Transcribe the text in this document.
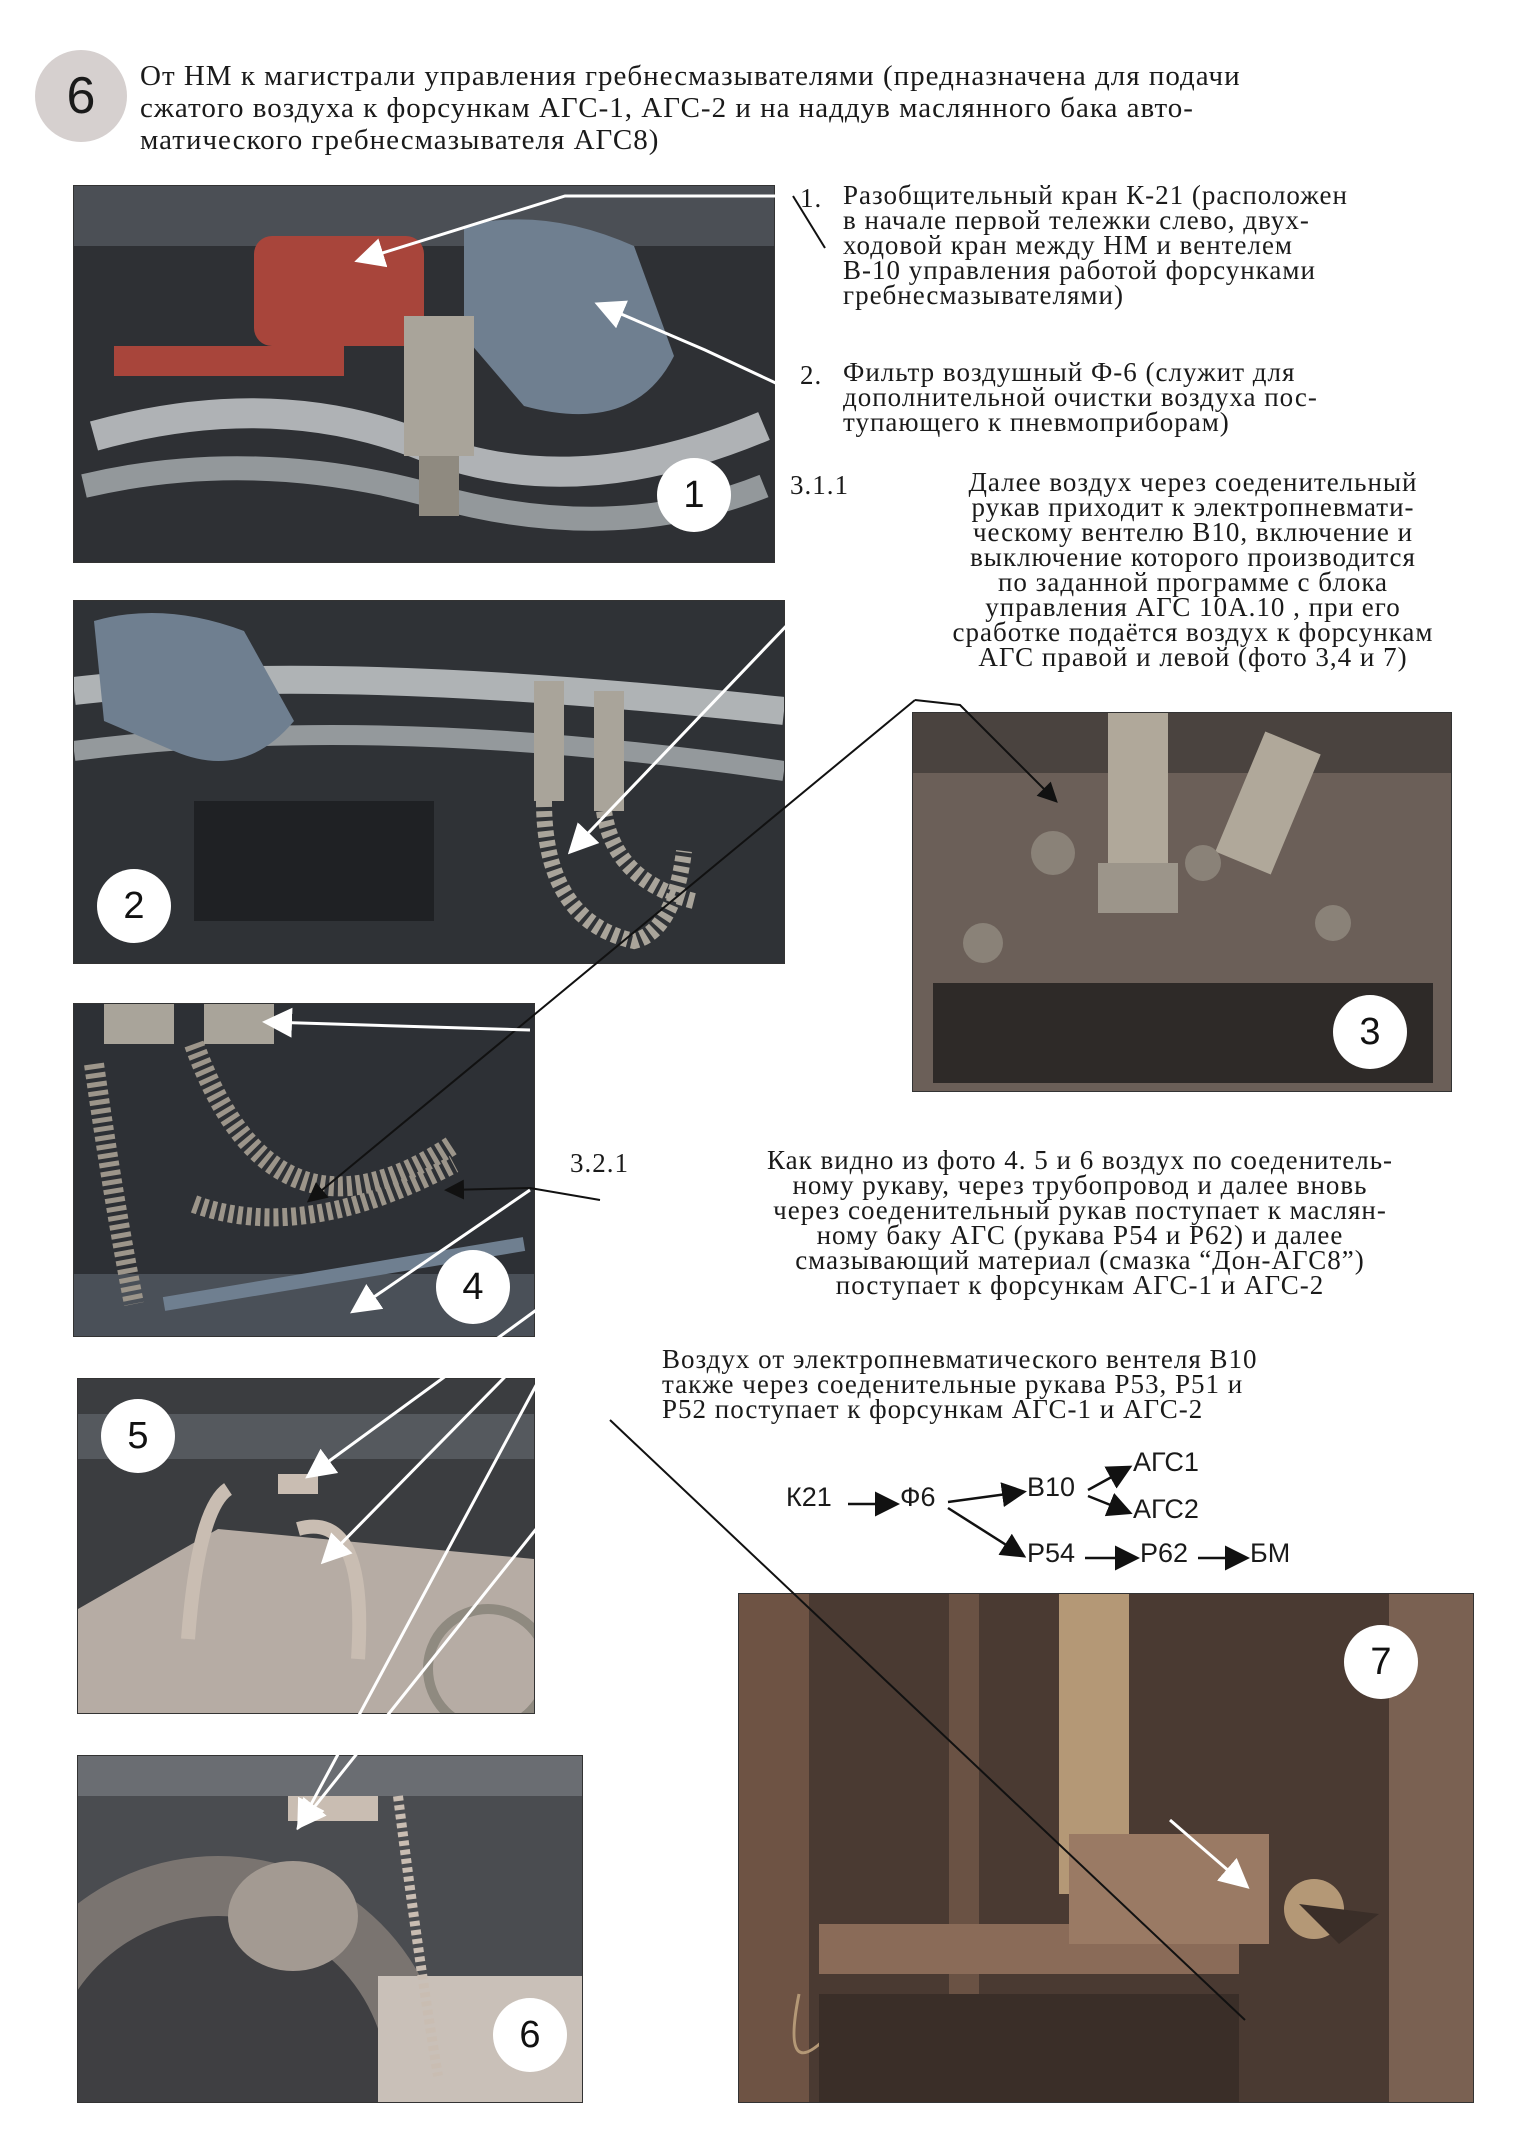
6 От НМ к магистрали управления гребнесмазывателями (предназначена для подачи
сжатого воздуха к форсункам АГС-1, АГС-2 и на наддув маслянного бака авто-
матического гребнесмазывателя АГС8)
1
2
3
4
5
6
7
1. Разобщительный кран К-21 (расположен
в начале первой тележки слево, двух-
ходовой кран между НМ и вентелем
В-10 управления работой форсунками
гребнесмазывателями)
2. Фильтр воздушный Ф-6 (служит для
дополнительной очистки воздуха пос-
тупающего к пневмоприборам)
3.1.1	Далее воздух через соеденительный
рукав приходит к электропневмати-
ческому вентелю В10, включение и
выключение которого производится
по заданной программе с блока
управления АГС 10А.10 , при его
сработке подаётся воздух к форсункам
АГС правой и левой (фото 3,4 и 7)
3.2.1	Как видно из фото 4. 5 и 6 воздух по соеденитель-
ному рукаву, через трубопровод и далее вновь
через соеденительный рукав поступает к маслян-
ному баку АГС (рукава Р54 и Р62) и далее
смазывающий материал (смазка “Дон-АГС8”)
поступает к форсункам АГС-1 и АГС-2
Воздух от электропневматического вентеля В10
также через соеденительные рукава Р53, Р51 и
Р52 поступает к форсункам АГС-1 и АГС-2
К21	Ф6	В10
АГС1
АГС2
Р54 Р62 БМ
